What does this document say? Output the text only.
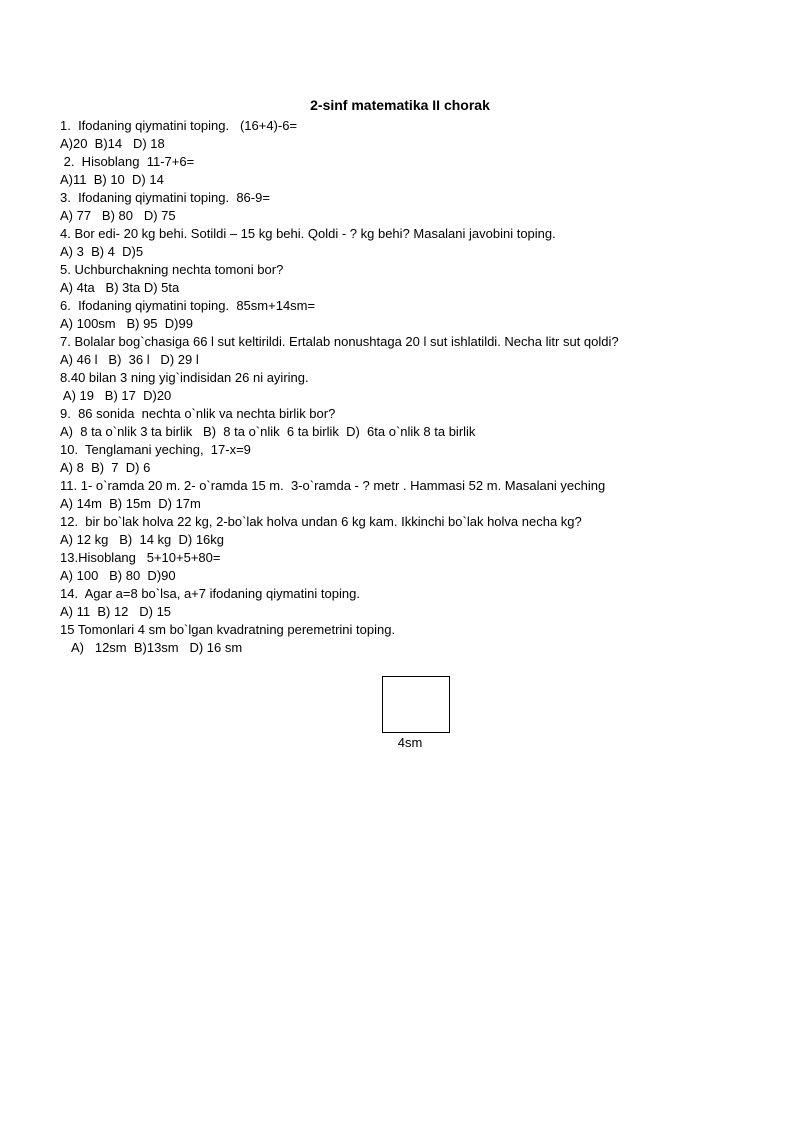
2-sinf matematika II chorak
1.  Ifodaning qiymatini toping.   (16+4)-6=
A)20  B)14   D) 18
2.  Hisoblang  11-7+6=
A)11  B) 10  D) 14
3.  Ifodaning qiymatini toping.  86-9=
A) 77   B) 80   D) 75
4. Bor edi- 20 kg behi. Sotildi – 15 kg behi. Qoldi - ? kg behi? Masalani javobini toping.
A) 3  B) 4  D)5
5. Uchburchakning nechta tomoni bor?
A) 4ta   B) 3ta D) 5ta
6.  Ifodaning qiymatini toping.  85sm+14sm=
A) 100sm   B) 95  D)99
7. Bolalar bog`chasiga 66 l sut keltirildi. Ertalab nonushtaga 20 l sut ishlatildi. Necha litr sut qoldi?
A) 46 l   B)  36 l   D) 29 l
8.40 bilan 3 ning yig`indisidan 26 ni ayiring.
A) 19   B) 17  D)20
9.  86 sonida  nechta o`nlik va nechta birlik bor?
A)  8 ta o`nlik 3 ta birlik   B)  8 ta o`nlik  6 ta birlik  D)  6ta o`nlik 8 ta birlik
10.  Tenglamani yeching,  17-x=9
A) 8  B)  7  D) 6
11. 1- o`ramda 20 m. 2- o`ramda 15 m.  3-o`ramda - ? metr . Hammasi 52 m. Masalani yeching
A) 14m  B) 15m  D) 17m
12.  bir bo`lak holva 22 kg, 2-bo`lak holva undan 6 kg kam. Ikkinchi bo`lak holva necha kg?
A) 12 kg   B)  14 kg  D) 16kg
13.Hisoblang   5+10+5+80=
A) 100   B) 80  D)90
14.  Agar a=8 bo`lsa, a+7 ifodaning qiymatini toping.
A) 11  B) 12   D) 15
15 Tomonlari 4 sm bo`lgan kvadratning peremetrini toping.
A)   12sm  B)13sm   D) 16 sm
4sm
